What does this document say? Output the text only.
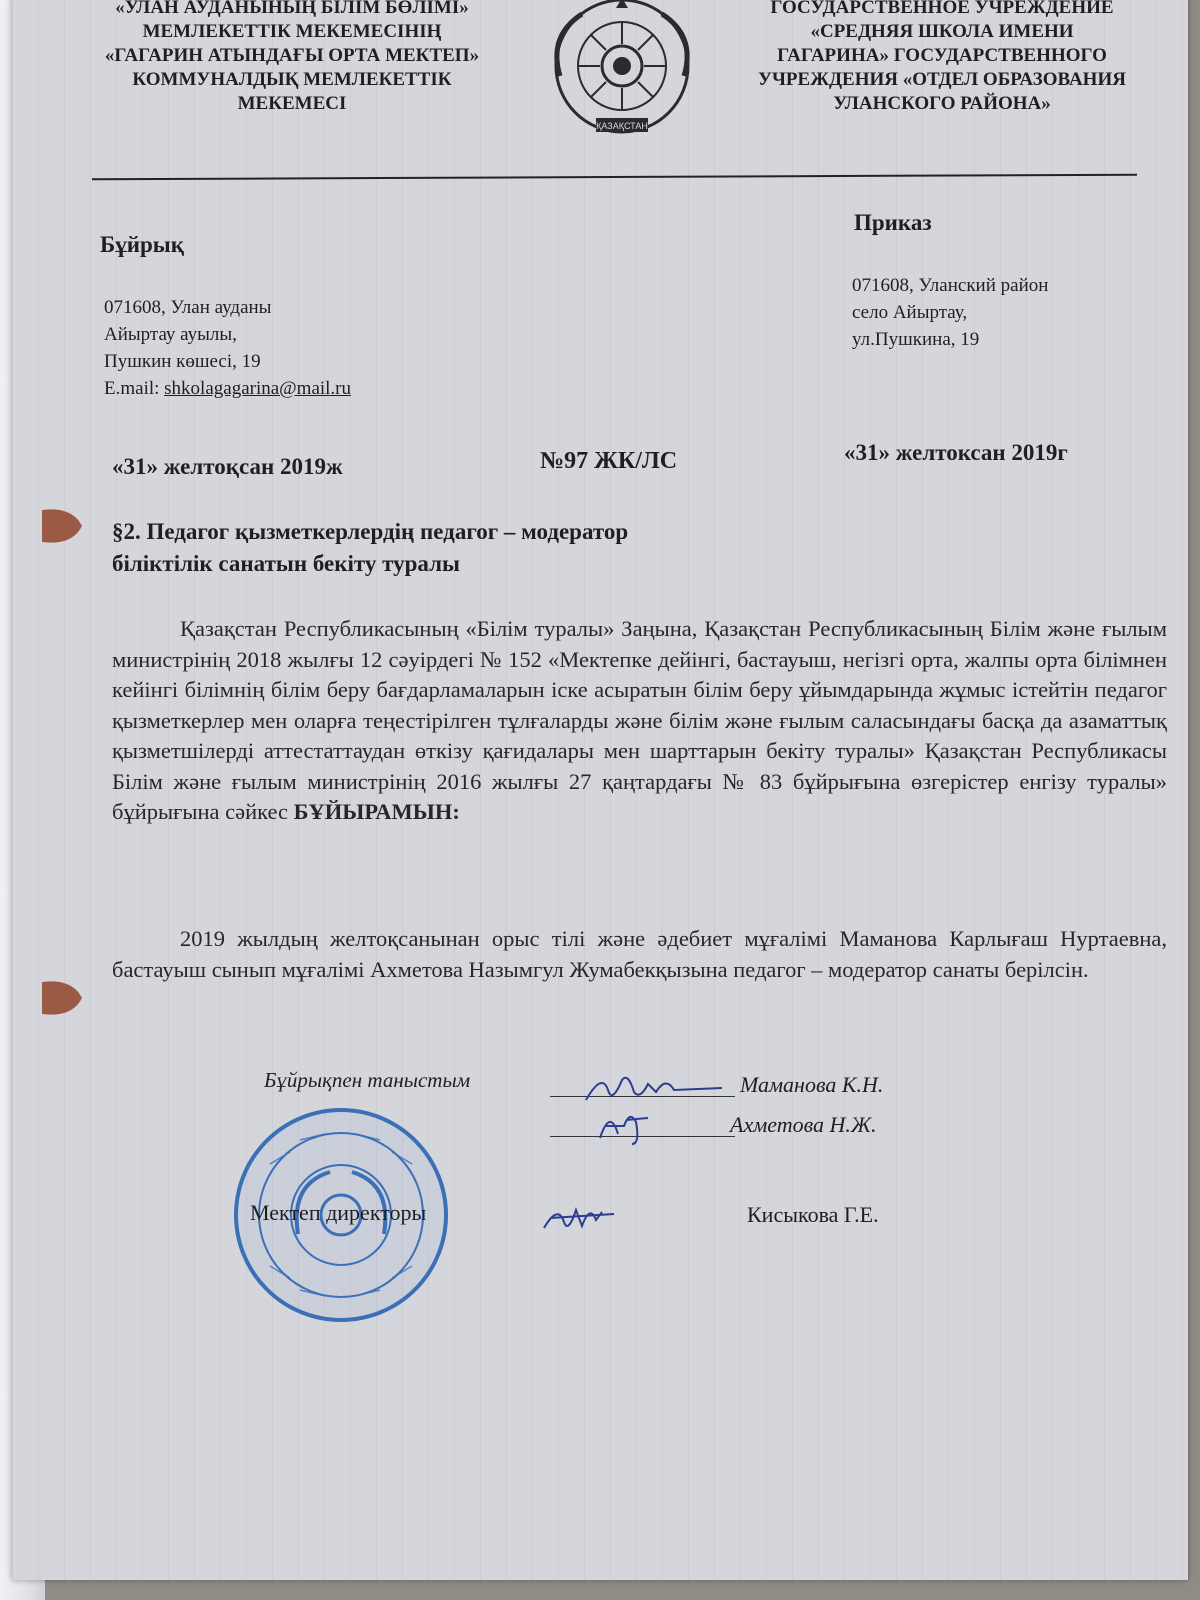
«УЛАН АУДАНЫНЫҢ БІЛІМ БӨЛІМІ»
МЕМЛЕКЕТТІК МЕКЕМЕСІНІҢ
«ГАГАРИН АТЫНДАҒЫ ОРТА МЕКТЕП»
КОММУНАЛДЫҚ МЕМЛЕКЕТТІК
МЕКЕМЕСІ
ҚАЗАҚСТАН
ГОСУДАРСТВЕННОЕ УЧРЕЖДЕНИЕ
«СРЕДНЯЯ ШКОЛА ИМЕНИ
ГАГАРИНА» ГОСУДАРСТВЕННОГО
УЧРЕЖДЕНИЯ «ОТДЕЛ ОБРАЗОВАНИЯ
УЛАНСКОГО РАЙОНА»
Бұйрық
Приказ
071608, Улан ауданы
Айыртау ауылы,
Пушкин көшесі, 19
E.mail: shkolagagarina@mail.ru
071608, Уланский район
село Айыртау,
ул.Пушкина, 19
«31» желтоқсан 2019ж	№97 ЖК/ЛС	«31» желтоксан 2019г
§2. Педагог қызметкерлердің педагог – модератор
біліктілік санатын бекіту туралы

Қазақстан Республикасының «Білім туралы» Заңына, Қазақстан Республикасының Білім және ғылым министрінің 2018 жылғы 12 сәуірдегі № 152 «Мектепке дейінгі, бастауыш, негізгі орта, жалпы орта білімнен кейінгі білімнің білім беру бағдарламаларын іске асыратын білім беру ұйымдарында жұмыс істейтін педагог қызметкерлер мен оларға теңестірілген тұлғаларды және білім және ғылым саласындағы басқа да азаматтық қызметшілерді аттестаттаудан өткізу қағидалары мен шарттарын бекіту туралы» Қазақстан Республикасы Білім және ғылым министрінің 2016 жылғы 27 қаңтардағы № 83 бұйрығына өзгерістер енгізу туралы» бұйрығына сәйкес БҰЙЫРАМЫН:

2019 жылдың желтоқсанынан орыс тілі және әдебиет мұғалімі Маманова Карлығаш Нуртаевна, бастауыш сынып мұғалімі Ахметова Назымгул Жумабекқызына педагог – модератор санаты берілсін.

Бұйрықпен таныстым	Маманова К.Н.
Ахметова Н.Ж.
Мектеп директоры	Кисыкова Г.Е.
